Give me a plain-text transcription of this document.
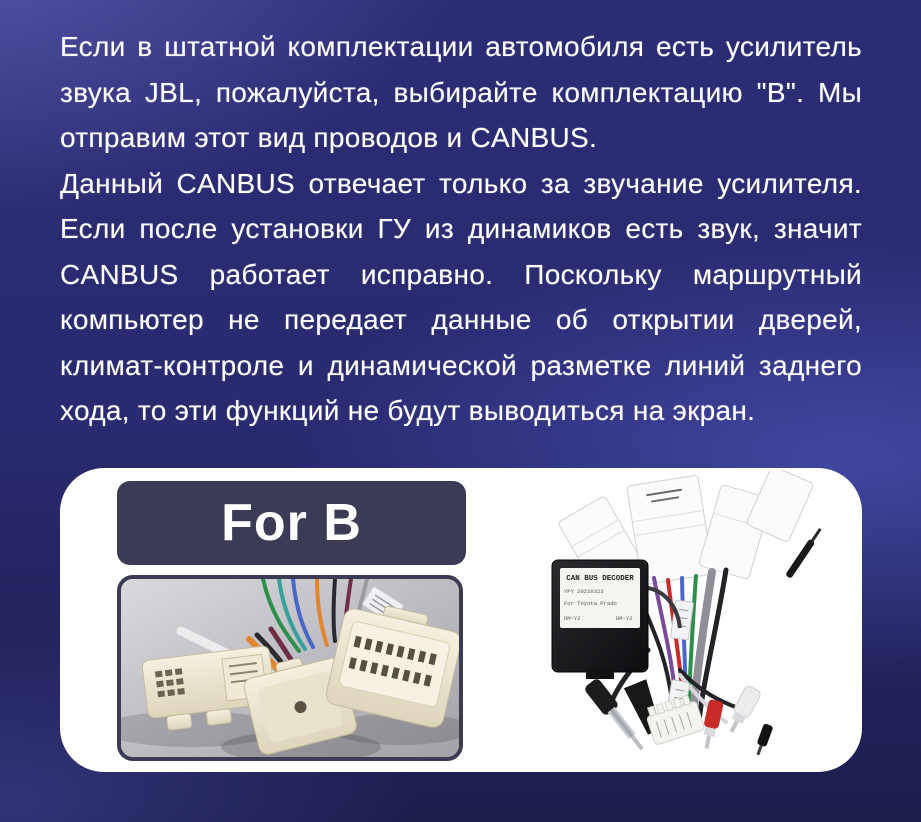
Если в штатной комплектации автомобиля есть усилитель звука JBL, пожалуйста, выбирайте комплектацию "B". Мы отправим этот вид проводов и CANBUS.

Данный CANBUS отвечает только за звучание усилителя. Если после установки ГУ из динамиков есть звук, значит CANBUS работает исправно. Поскольку маршрутный компьютер не передает данные об открытии дверей, климат-контроле и динамической разметке линий заднего хода, то эти функций не будут выводиться на экран.

For B
CAN BUS DECODER
YPY 20210323
For Toyota Prado
DM-Y2	DM-Y2
